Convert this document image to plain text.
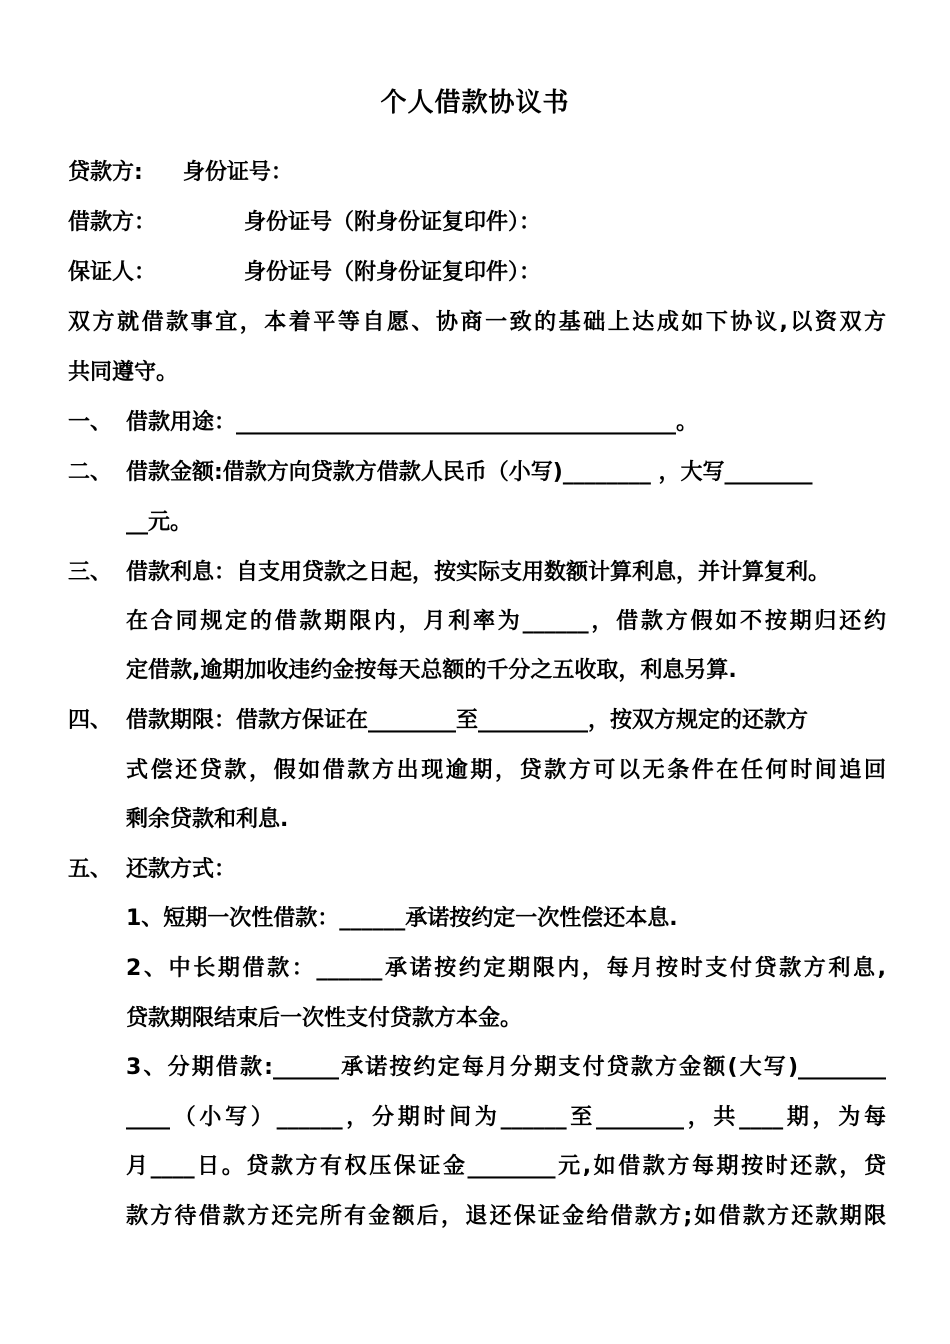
个人借款协议书
贷款方: 身份证号：
借款方：	身份证号（附身份证复印件）：
保证人：	身份证号（附身份证复印件）：
双方就借款事宜，本着平等自愿、协商一致的基础上达成如下协议,以资双方
共同遵守。
一、 借款用途：________________________________________。
二、 借款金额:借款方向贷款方借款人民币（小写)________ ，大写________
__元。
三、 借款利息：自支用贷款之日起，按实际支用数额计算利息，并计算复利。
在合同规定的借款期限内，月利率为______，借款方假如不按期归还约
定借款,逾期加收违约金按每天总额的千分之五收取，利息另算.
四、 借款期限：借款方保证在________至__________，按双方规定的还款方
式偿还贷款，假如借款方出现逾期，贷款方可以无条件在任何时间追回
剩余贷款和利息.
五、 还款方式：
1、短期一次性借款：______承诺按约定一次性偿还本息.
2、中长期借款：______承诺按约定期限内，每月按时支付贷款方利息,
贷款期限结束后一次性支付贷款方本金。
3、分期借款:______承诺按约定每月分期支付贷款方金额(大写)________
____（小写）______，分期时间为______至________，共____期，为每
月____日。贷款方有权压保证金________元,如借款方每期按时还款，贷
款方待借款方还完所有金额后，退还保证金给借款方;如借款方还款期限
